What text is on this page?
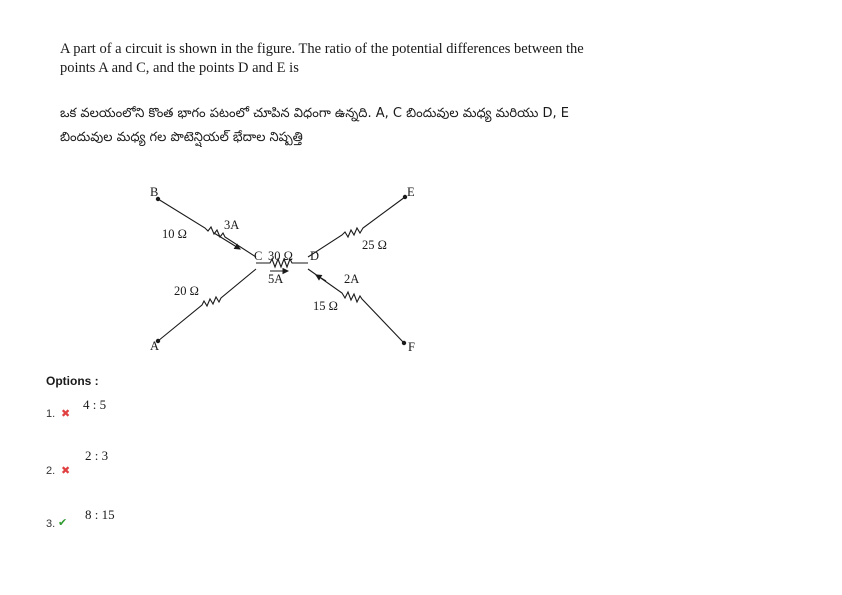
A part of a circuit is shown in the figure. The ratio of the potential differences between the points A and C, and the points D and E is
ఒక వలయంలోని కొంత భాగం పటంలో చూపిన విధంగా ఉన్నది. A, C బిందువుల మధ్య మరియు D, E బిందువుల మధ్య గల పొటెన్షియల్ భేదాల నిష్పత్తి
B
A
E
F
C	D
10 Ω
3A
20 Ω
30 Ω
5A
25 Ω
2A
15 Ω
Options :
1. ✖
4 : 5
2. ✖
2 : 3
3. ✔
8 : 15
